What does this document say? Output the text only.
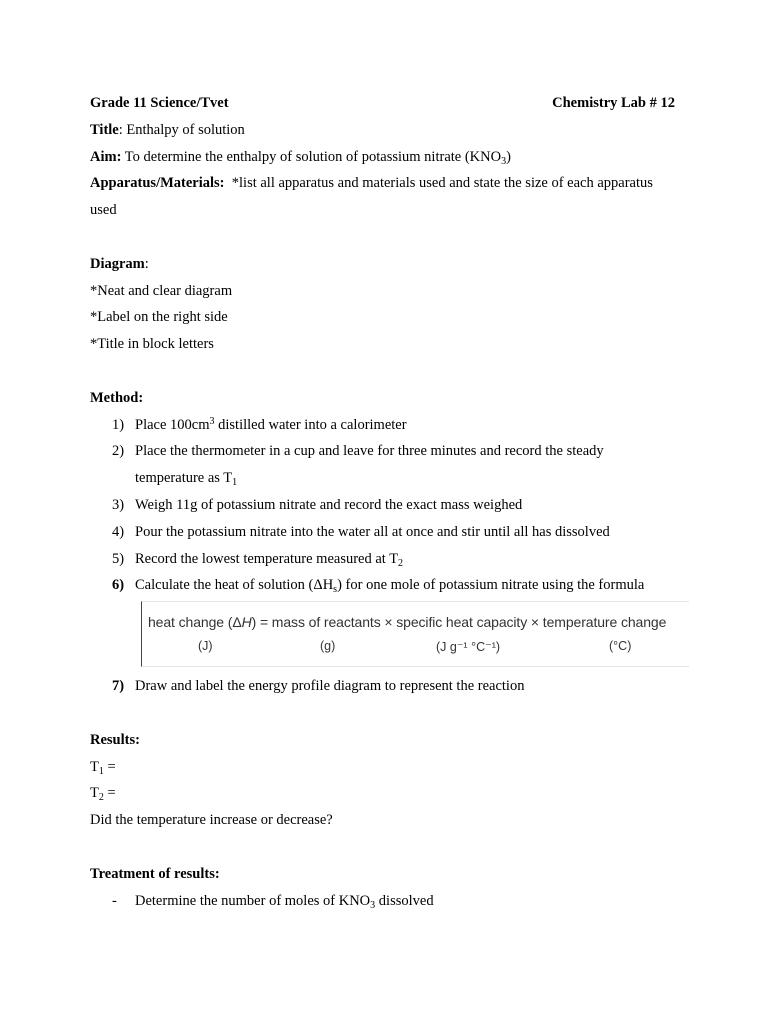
Grade 11 Science/Tvet	Chemistry Lab # 12
Title: Enthalpy of solution
Aim: To determine the enthalpy of solution of potassium nitrate $(KNO_3)$
Apparatus/Materials:  *list all apparatus and materials used and state the size of each apparatus
used
Diagram:
*Neat and clear diagram
*Label on the right side
*Title in block letters
Method:
1) Place $100cm^3$ distilled water into a calorimeter
2) Place the thermometer in a cup and leave for three minutes and record the steady
temperature as $T_1$
3) Weigh 11g of potassium nitrate and record the exact mass weighed
4) Pour the potassium nitrate into the water all at once and stir until all has dissolved
5) Record the lowest temperature measured at $T_2$
6) Calculate the heat of solution $(\Delta H_s)$ for one mole of potassium nitrate using the formula
heat change (ΔH) = mass of reactants × specific heat capacity × temperature change
(J)	(g)	(J g⁻¹ °C⁻¹)	(°C)
7) Draw and label the energy profile diagram to represent the reaction
Results:
$T_1$ =
$T_2$ =
Did the temperature increase or decrease?
Treatment of results:
- Determine the number of moles of $KNO_3$ dissolved
